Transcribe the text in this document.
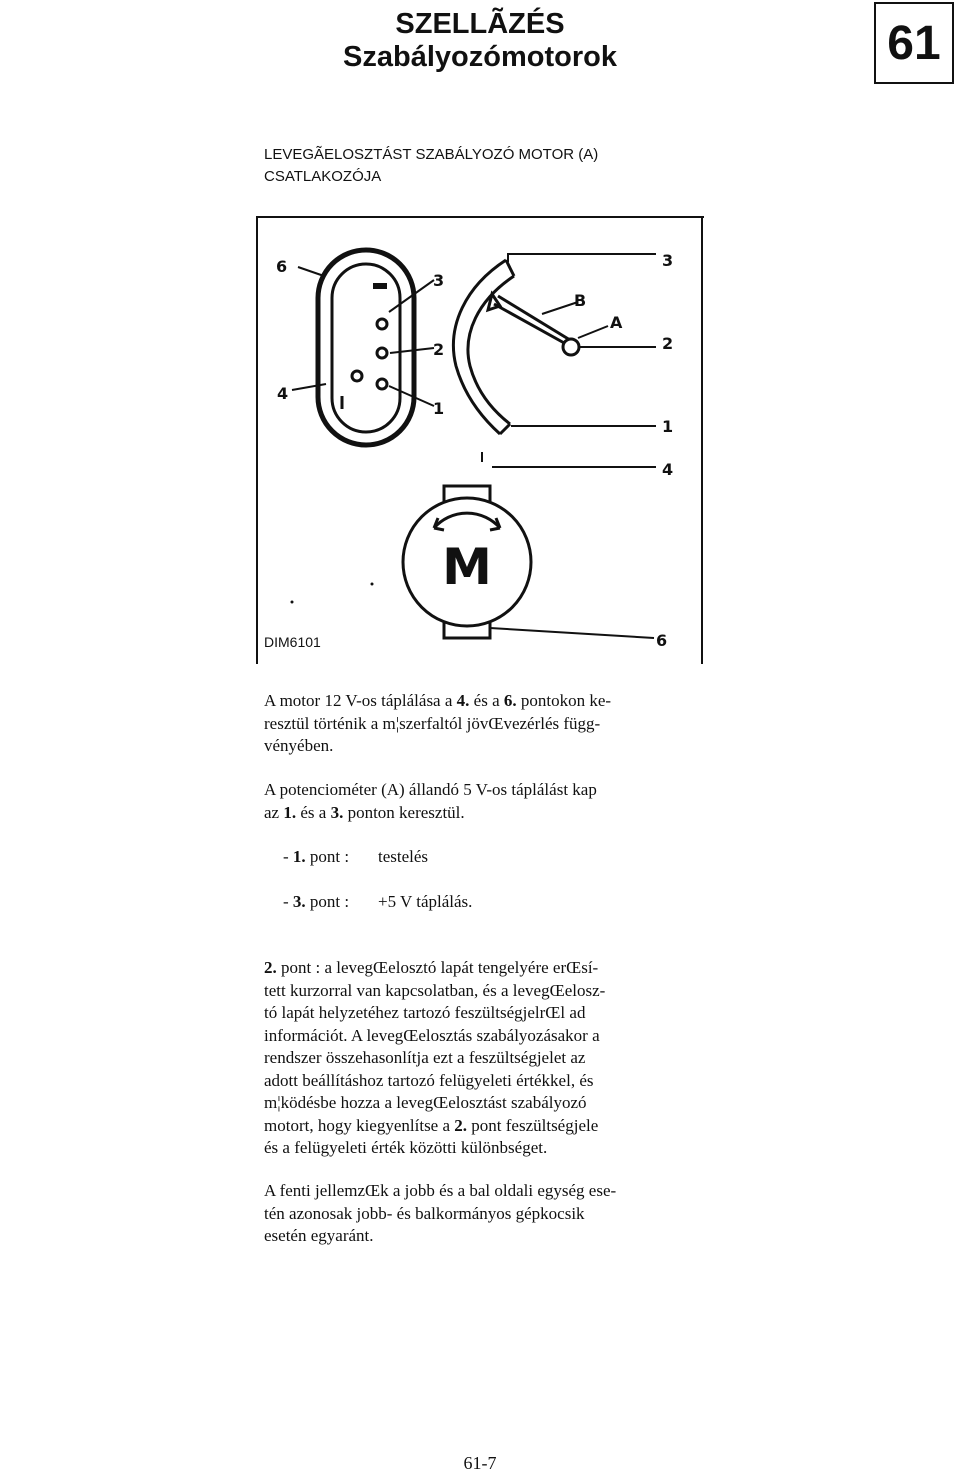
SZELLÃZÉS
Szabályozómotorok	61
LEVEGÃELOSZTÁST SZABÁLYOZÓ MOTOR (A)
CSATLAKOZÓJA
6
3
2
4
1
B
A
3
2
1
4
6
M
DIM6101
A motor 12 V-os táplálása a 4. és a 6. pontokon ke-
resztül történik a m¦szerfaltól jövŒvezérlés függ-
vényében.
A potenciométer (A) állandó 5 V-os táplálást kap
az 1. és a 3. ponton keresztül.
- 1. pont : testelés
- 3. pont : +5 V táplálás.
2. pont : a levegŒelosztó lapát tengelyére erŒsí-
tett kurzorral van kapcsolatban, és a levegŒelosz-
tó lapát helyzetéhez tartozó feszültségjelrŒl ad
információt. A levegŒelosztás szabályozásakor a
rendszer összehasonlítja ezt a feszültségjelet az
adott beállításhoz tartozó felügyeleti értékkel, és
m¦ködésbe hozza a levegŒelosztást szabályozó
motort, hogy kiegyenlítse a 2. pont feszültségjele
és a felügyeleti érték közötti különbséget.
A fenti jellemzŒk a jobb és a bal oldali egység ese-
tén azonosak jobb- és balkormányos gépkocsik
esetén egyaránt.
61-7
